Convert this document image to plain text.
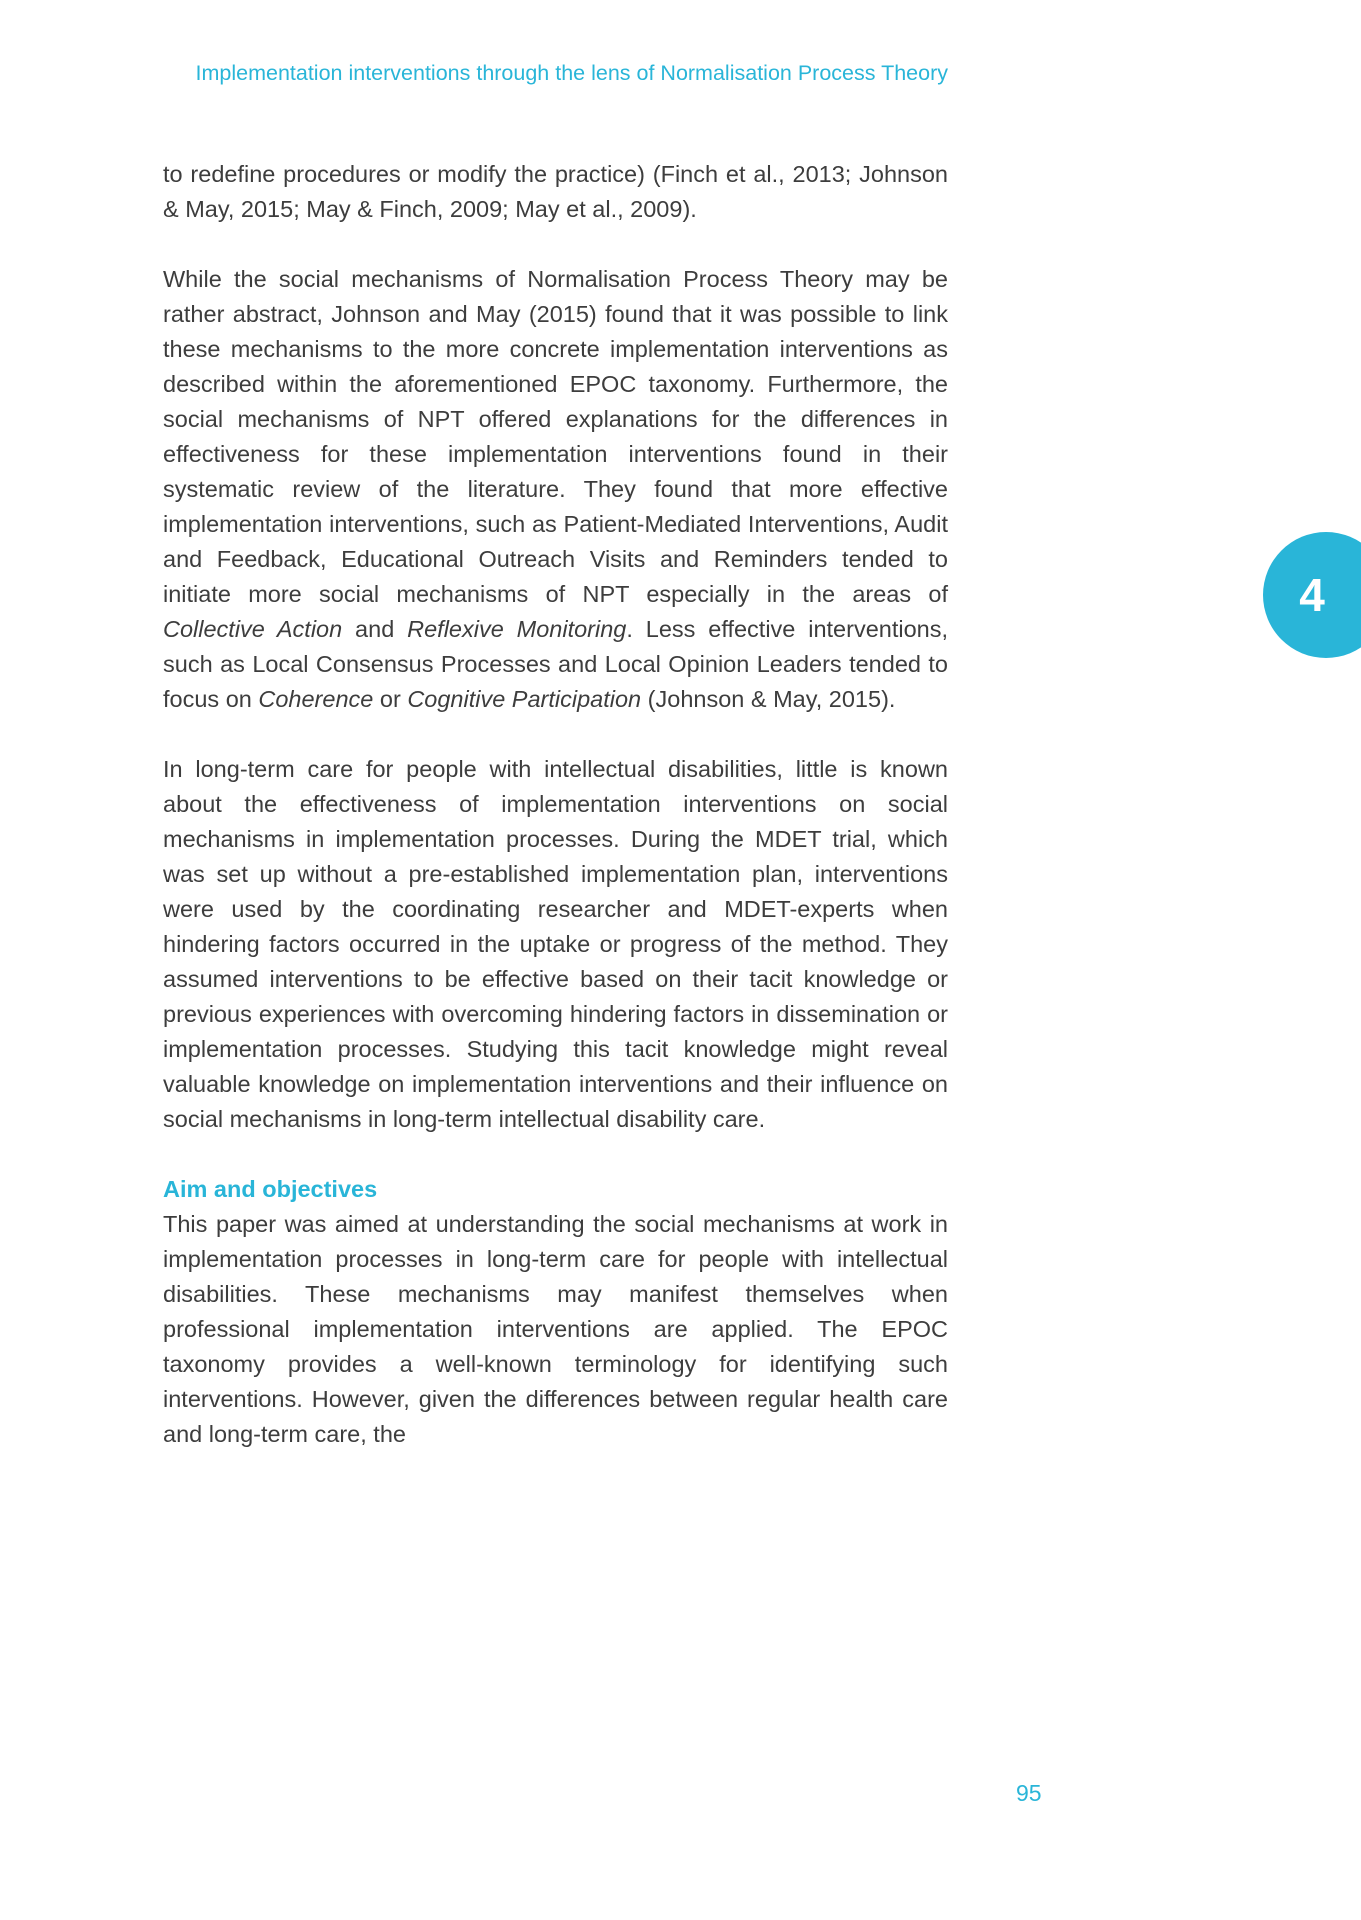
Implementation interventions through the lens of Normalisation Process Theory

to redefine procedures or modify the practice) (Finch et al., 2013; Johnson & May, 2015; May & Finch, 2009; May et al., 2009).

While the social mechanisms of Normalisation Process Theory may be rather abstract, Johnson and May (2015) found that it was possible to link these mechanisms to the more concrete implementation interventions as described within the aforementioned EPOC taxonomy. Furthermore, the social mechanisms of NPT offered explanations for the differences in effectiveness for these implementation interventions found in their systematic review of the literature. They found that more effective implementation interventions, such as Patient-Mediated Interventions, Audit and Feedback, Educational Outreach Visits and Reminders tended to initiate more social mechanisms of NPT especially in the areas of Collective Action and Reflexive Monitoring. Less effective interventions, such as Local Consensus Processes and Local Opinion Leaders tended to focus on Coherence or Cognitive Participation (Johnson & May, 2015).

In long-term care for people with intellectual disabilities, little is known about the effectiveness of implementation interventions on social mechanisms in implementation processes. During the MDET trial, which was set up without a pre-established implementation plan, interventions were used by the coordinating researcher and MDET-experts when hindering factors occurred in the uptake or progress of the method. They assumed interventions to be effective based on their tacit knowledge or previous experiences with overcoming hindering factors in dissemination or implementation processes. Studying this tacit knowledge might reveal valuable knowledge on implementation interventions and their influence on social mechanisms in long-term intellectual disability care.

Aim and objectives

This paper was aimed at understanding the social mechanisms at work in implementation processes in long-term care for people with intellectual disabilities. These mechanisms may manifest themselves when professional implementation interventions are applied. The EPOC taxonomy provides a well-known terminology for identifying such interventions. However, given the differences between regular health care and long-term care, the

4
95
